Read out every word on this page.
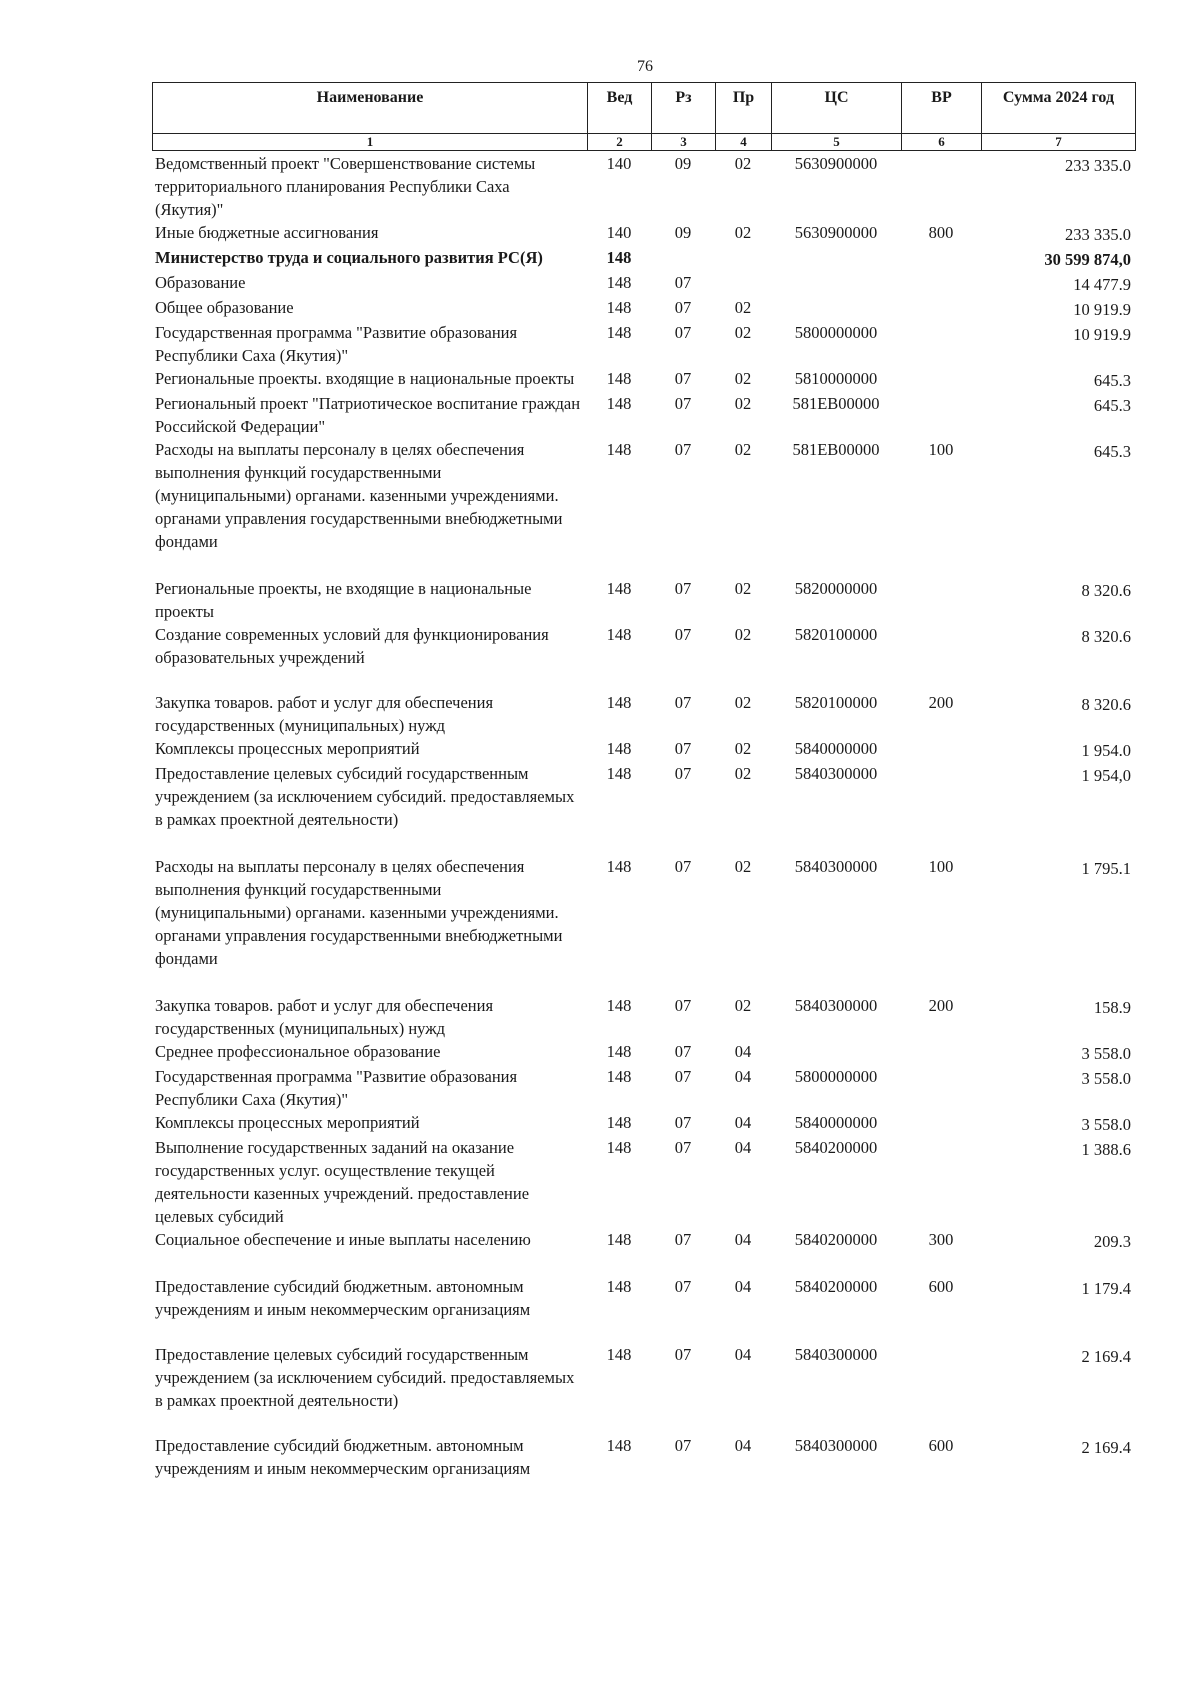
76
Наименование	Вед	Рз	Пр	ЦС	ВР	Сумма 2024 год
1	2	3	4	5	6	7
Ведомственный проект "Совершенствование системы территориального планирования Республики Саха (Якутия)"	140	09	02	5630900000		233 335.0
Иные бюджетные ассигнования	140	09	02	5630900000	800	233 335.0
Министерство труда и социального развития РС(Я)	148					30 599 874,0
Образование	148	07				14 477.9
Общее образование	148	07	02			10 919.9
Государственная программа "Развитие образования Республики Саха (Якутия)"	148	07	02	5800000000		10 919.9
Региональные проекты. входящие в национальные проекты	148	07	02	5810000000		645.3
Региональный проект "Патриотическое воспитание граждан Российской Федерации"	148	07	02	581EB00000		645.3
Расходы на выплаты персоналу в целях обеспечения выполнения функций государственными (муниципальными) органами. казенными учреждениями. органами управления государственными внебюджетными фондами	148	07	02	581EB00000	100	645.3
Региональные проекты, не входящие в национальные проекты	148	07	02	5820000000		8 320.6
Создание современных условий для функционирования образовательных учреждений	148	07	02	5820100000		8 320.6
Закупка товаров. работ и услуг для обеспечения государственных (муниципальных) нужд	148	07	02	5820100000	200	8 320.6
Комплексы процессных мероприятий	148	07	02	5840000000		1 954.0
Предоставление целевых субсидий государственным учреждением (за исключением субсидий. предоставляемых в рамках проектной деятельности)	148	07	02	5840300000		1 954,0
Расходы на выплаты персоналу в целях обеспечения выполнения функций государственными (муниципальными) органами. казенными учреждениями. органами управления государственными внебюджетными фондами	148	07	02	5840300000	100	1 795.1
Закупка товаров. работ и услуг для обеспечения государственных (муниципальных) нужд	148	07	02	5840300000	200	158.9
Среднее профессиональное образование	148	07	04			3 558.0
Государственная программа "Развитие образования Республики Саха (Якутия)"	148	07	04	5800000000		3 558.0
Комплексы процессных мероприятий	148	07	04	5840000000		3 558.0
Выполнение государственных заданий на оказание государственных услуг. осуществление текущей деятельности казенных учреждений. предоставление целевых субсидий	148	07	04	5840200000		1 388.6
Социальное обеспечение и иные выплаты населению	148	07	04	5840200000	300	209.3
Предоставление субсидий бюджетным. автономным учреждениям и иным некоммерческим организациям	148	07	04	5840200000	600	1 179.4
Предоставление целевых субсидий государственным учреждением (за исключением субсидий. предоставляемых в рамках проектной деятельности)	148	07	04	5840300000		2 169.4
Предоставление субсидий бюджетным. автономным учреждениям и иным некоммерческим организациям	148	07	04	5840300000	600	2 169.4
